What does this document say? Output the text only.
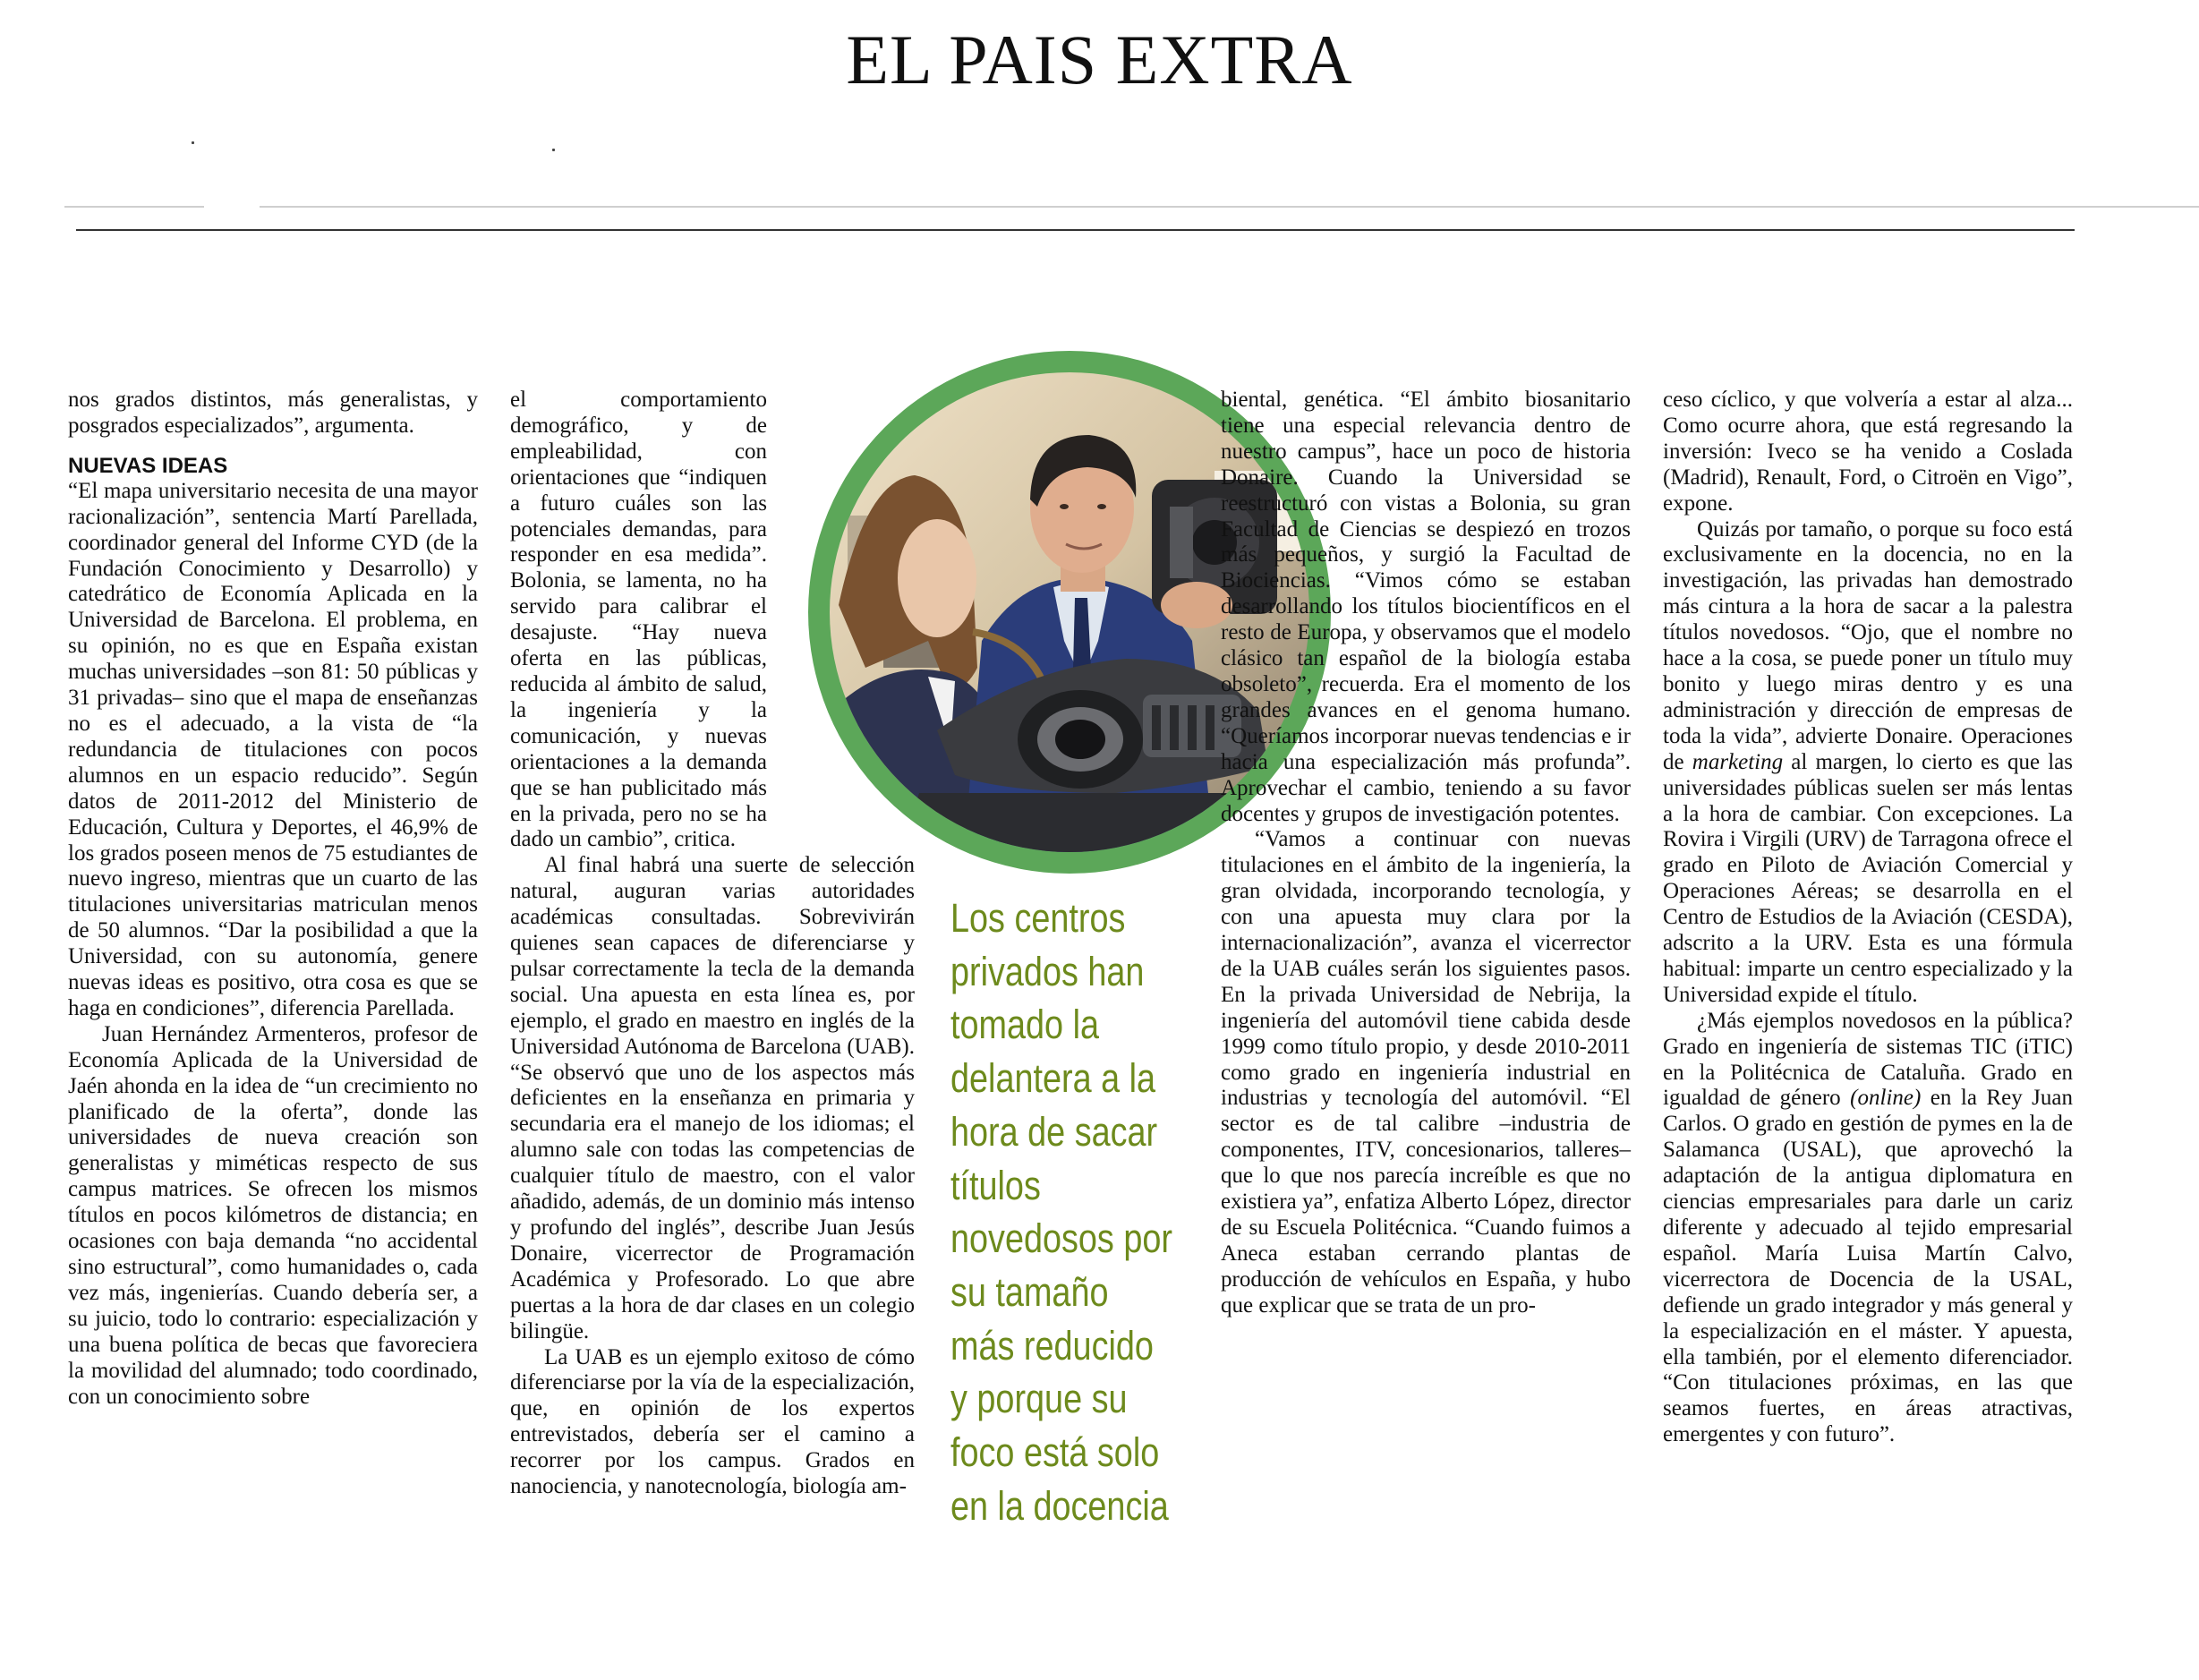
EL PAIS EXTRA

nos grados distintos, más generalistas, y posgrados especializados”, argumenta.

NUEVAS IDEAS

“El mapa universitario necesita de una mayor racionalización”, sentencia Martí Parellada, coordinador general del Informe CYD (de la Fundación Conocimiento y Desarrollo) y catedrático de Economía Aplicada en la Universidad de Barcelona. El problema, en su opinión, no es que en España existan muchas universidades –son 81: 50 públicas y 31 privadas– sino que el mapa de enseñanzas no es el adecuado, a la vista de “la redundancia de titulaciones con pocos alumnos en un espacio reducido”. Según datos de 2011-2012 del Ministerio de Educación, Cultura y Deportes, el 46,9% de los grados poseen menos de 75 estudiantes de nuevo ingreso, mientras que un cuarto de las titulaciones universitarias matriculan menos de 50 alumnos. “Dar la posibilidad a que la Universidad, con su autonomía, genere nuevas ideas es positivo, otra cosa es que se haga en condiciones”, diferencia Parellada.

Juan Hernández Armenteros, profesor de Economía Aplicada de la Universidad de Jaén ahonda en la idea de “un crecimiento no planificado de la oferta”, donde las universidades de nueva creación son generalistas y miméticas respecto de sus campus matrices. Se ofrecen los mismos títulos en pocos kilómetros de distancia; en ocasiones con baja demanda “no accidental sino estructural”, como humanidades o, cada vez más, ingenierías. Cuando debería ser, a su juicio, todo lo contrario: especialización y una buena política de becas que favoreciera la movilidad del alumnado; todo coordinado, con un conocimiento sobre

el comportamiento demográfico, y de empleabilidad, con orientaciones que “indiquen a futuro cuáles son las potenciales demandas, para responder en esa medida”. Bolonia, se lamenta, no ha servido para calibrar el desajuste. “Hay nueva oferta en las públicas, reducida al ámbito de salud, la ingeniería y la comunicación, y nuevas orientaciones a la demanda que se han publicitado más en la privada, pero no se ha dado un cambio”, critica.

Al final habrá una suerte de selección natural, auguran varias autoridades académicas consultadas. Sobrevivirán quienes sean capaces de diferenciarse y pulsar correctamente la tecla de la demanda social. Una apuesta en esta línea es, por ejemplo, el grado en maestro en inglés de la Universidad Autónoma de Barcelona (UAB). “Se observó que uno de los aspectos más deficientes en la enseñanza en primaria y secundaria era el manejo de los idiomas; el alumno sale con todas las competencias de cualquier título de maestro, con el valor añadido, además, de un dominio más intenso y profundo del inglés”, describe Juan Jesús Donaire, vicerrector de Programación Académica y Profesorado. Lo que abre puertas a la hora de dar clases en un colegio bilingüe.

La UAB es un ejemplo exitoso de cómo diferenciarse por la vía de la especialización, que, en opinión de los expertos entrevistados, debería ser el camino a recorrer por los campus. Grados en nanociencia, y nanotecnología, biología am-

Los centros privados han tomado la delantera a la hora de sacar títulos novedosos por su tamaño más reducido y porque su foco está solo en la docencia

biental, genética. “El ámbito biosanitario tiene una especial relevancia dentro de nuestro campus”, hace un poco de historia Donaire. Cuando la Universidad se reestructuró con vistas a Bolonia, su gran Facultad de Ciencias se despiezó en trozos más pequeños, y surgió la Facultad de Biociencias. “Vimos cómo se estaban desarrollando los títulos biocientíficos en el resto de Europa, y observamos que el modelo clásico tan español de la biología estaba obsoleto”, recuerda. Era el momento de los grandes avances en el genoma humano. “Queríamos incorporar nuevas tendencias e ir hacia una especialización más profunda”. Aprovechar el cambio, teniendo a su favor docentes y grupos de investigación potentes.

“Vamos a continuar con nuevas titulaciones en el ámbito de la ingeniería, la gran olvidada, incorporando tecnología, y con una apuesta muy clara por la internacionalización”, avanza el vicerrector de la UAB cuáles serán los siguientes pasos. En la privada Universidad de Nebrija, la ingeniería del automóvil tiene cabida desde 1999 como título propio, y desde 2010-2011 como grado en ingeniería industrial en industrias y tecnología del automóvil. “El sector es de tal calibre –industria de componentes, ITV, concesionarios, talleres– que lo que nos parecía increíble es que no existiera ya”, enfatiza Alberto López, director de su Escuela Politécnica. “Cuando fuimos a Aneca estaban cerrando plantas de producción de vehículos en España, y hubo que explicar que se trata de un pro-

ceso cíclico, y que volvería a estar al alza... Como ocurre ahora, que está regresando la inversión: Iveco se ha venido a Coslada (Madrid), Renault, Ford, o Citroën en Vigo”, expone.

Quizás por tamaño, o porque su foco está exclusivamente en la docencia, no en la investigación, las privadas han demostrado más cintura a la hora de sacar a la palestra títulos novedosos. “Ojo, que el nombre no hace a la cosa, se puede poner un título muy bonito y luego miras dentro y es una administración y dirección de empresas de toda la vida”, advierte Donaire. Operaciones de marketing al margen, lo cierto es que las universidades públicas suelen ser más lentas a la hora de cambiar. Con excepciones. La Rovira i Virgili (URV) de Tarragona ofrece el grado en Piloto de Aviación Comercial y Operaciones Aéreas; se desarrolla en el Centro de Estudios de la Aviación (CESDA), adscrito a la URV. Esta es una fórmula habitual: imparte un centro especializado y la Universidad expide el título.

¿Más ejemplos novedosos en la pública? Grado en ingeniería de sistemas TIC (iTIC) en la Politécnica de Cataluña. Grado en igualdad de género (online) en la Rey Juan Carlos. O grado en gestión de pymes en la de Salamanca (USAL), que aprovechó la adaptación de la antigua diplomatura en ciencias empresariales para darle un cariz diferente y adecuado al tejido empresarial español. María Luisa Martín Calvo, vicerrectora de Docencia de la USAL, defiende un grado integrador y más general y la especialización en el máster. Y apuesta, ella también, por el elemento diferenciador. “Con titulaciones próximas, en las que seamos fuertes, en áreas atractivas, emergentes y con futuro”.
